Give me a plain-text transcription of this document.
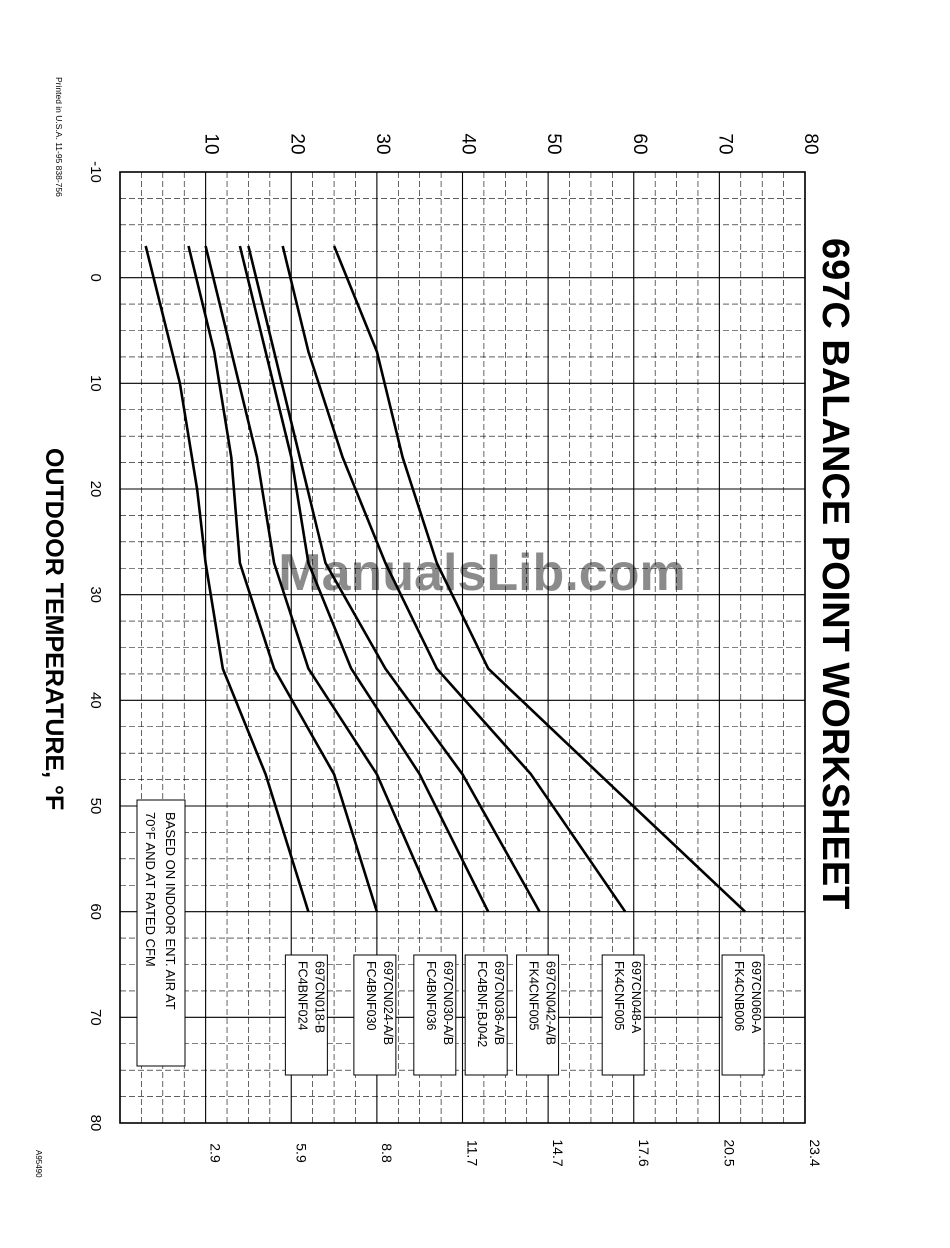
Printed in U.S.A. 11-95 838-756
A95490
-10
0
10
20
30
40
50
60
70
80
10	20	30	40	50	60	70	80
2.9	5.9	8.8	11.7	14.7	17.6	20.5	23.4
697C BALANCE POINT WORKSHEET
OUTDOOR TEMPERATURE, °F	ManualsLib.com
697CN018-B
FC4BNF024	697CN024-A/B
FC4BNF030	697CN030-A/B
FC4BNF036	697CN036-A/B
FC4BNF,BJ042	697CN042-A/B
FK4CNF005	697CN048-A
FK4CNF005	697CN060-A
FK4CNB006
BASED ON INDOOR ENT. AIR AT
70°F AND AT RATED CFM
